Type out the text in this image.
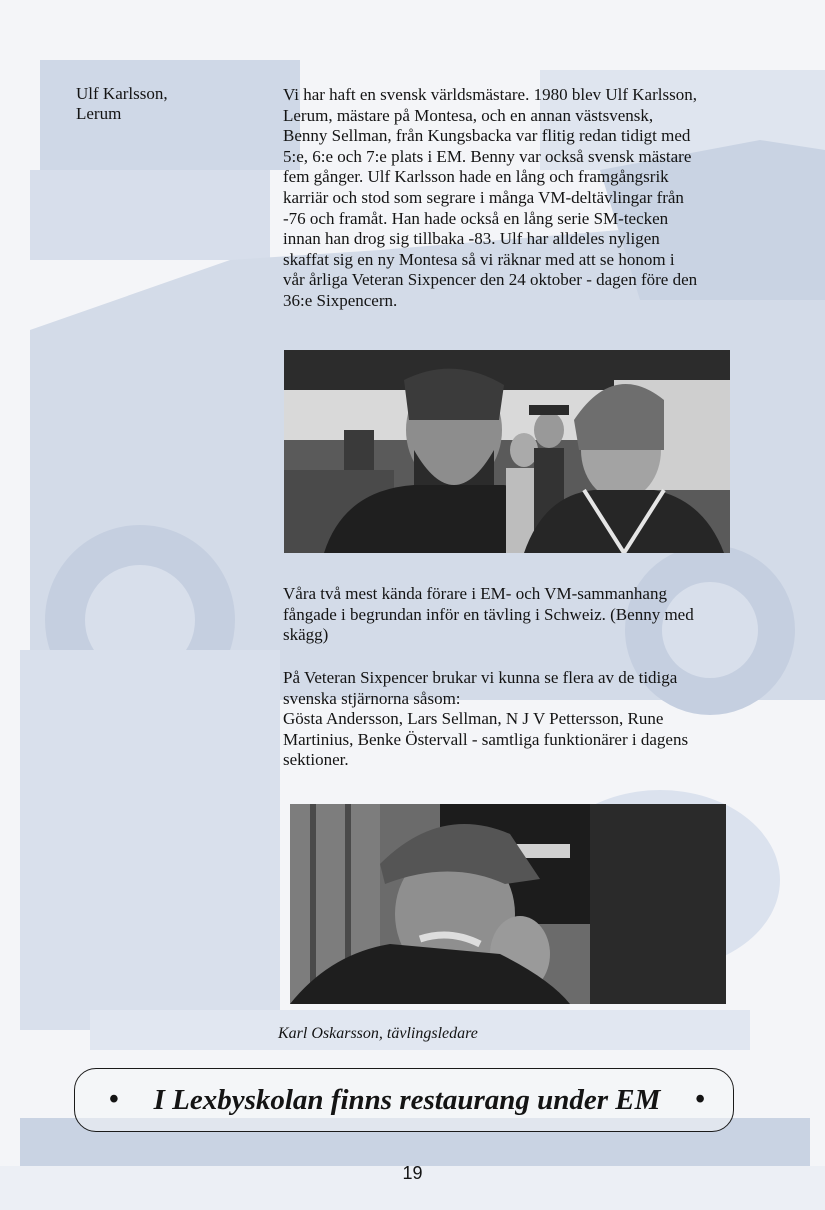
Ulf Karlsson,
Lerum

Vi har haft en svensk världsmästare. 1980 blev Ulf Karlsson,

Lerum, mästare på Montesa, och en annan västsvensk,

Benny Sellman, från Kungsbacka var flitig redan tidigt med

5:e, 6:e och 7:e plats i EM. Benny var också svensk mästare

fem gånger. Ulf Karlsson hade en lång och framgångsrik

karriär och stod som segrare i många VM-deltävlingar från

-76 och framåt. Han hade också en lång serie SM-tecken

innan han drog sig tillbaka -83. Ulf har alldeles nyligen

skaffat sig en ny Montesa så vi räknar med att se honom i

vår årliga Veteran Sixpencer den 24 oktober - dagen före den

36:e Sixpencern.

Våra två mest kända förare i EM- och VM-sammanhang

fångade i begrundan inför en tävling i Schweiz. (Benny med

skägg)

På Veteran Sixpencer brukar vi kunna se flera av de tidiga

svenska stjärnorna såsom:

Gösta Andersson, Lars Sellman, N J V Pettersson, Rune

Martinius, Benke Östervall - samtliga funktionärer i dagens

sektioner.

Karl Oskarsson, tävlingsledare
• I Lexbyskolan finns restaurang under EM •
19
